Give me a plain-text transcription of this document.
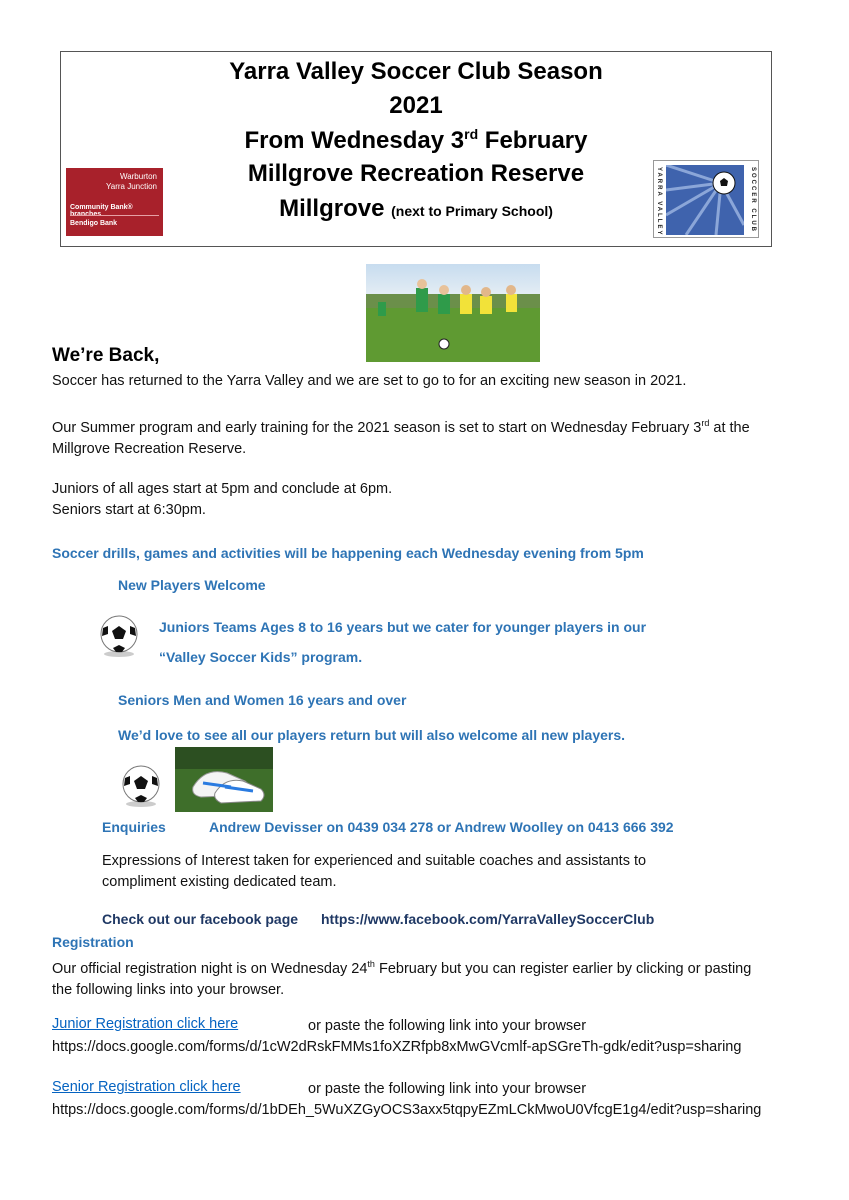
Yarra Valley Soccer Club Season
2021
From Wednesday 3rd February
Millgrove Recreation Reserve
Millgrove (next to Primary School)
Warburton
Yarra Junction
Community Bank® branches
Bendigo Bank	YARRA VALLEY	SOCCER CLUB
We’re Back,
Soccer has returned to the Yarra Valley and we are set to go to for an exciting new season in 2021.
Our Summer program and early training for the 2021 season is set to start on Wednesday February 3rd at the
Millgrove Recreation Reserve.
Juniors of all ages start at 5pm and conclude at 6pm.
Seniors start at 6:30pm.
Soccer drills, games and activities will be happening each Wednesday evening from 5pm
New Players Welcome
Juniors Teams Ages 8 to 16 years but we cater for younger players in our
“Valley Soccer Kids” program.
Seniors Men and Women 16 years and over
We’d love to see all our players return but will also welcome all new players.
Enquiries	Andrew Devisser on 0439 034 278 or Andrew Woolley on 0413 666 392
Expressions of Interest taken for experienced and suitable coaches and assistants to
compliment existing dedicated team.
Check out our facebook page https://www.facebook.com/YarraValleySoccerClub
Registration
Our official registration night is on Wednesday 24th February but you can register earlier by clicking or pasting
the following links into your browser.
Junior Registration click here	or paste the following link into your browser
https://docs.google.com/forms/d/1cW2dRskFMMs1foXZRfpb8xMwGVcmlf-apSGreTh-gdk/edit?usp=sharing
Senior Registration click here	or paste the following link into your browser
https://docs.google.com/forms/d/1bDEh_5WuXZGyOCS3axx5tqpyEZmLCkMwoU0VfcgE1g4/edit?usp=sharing
